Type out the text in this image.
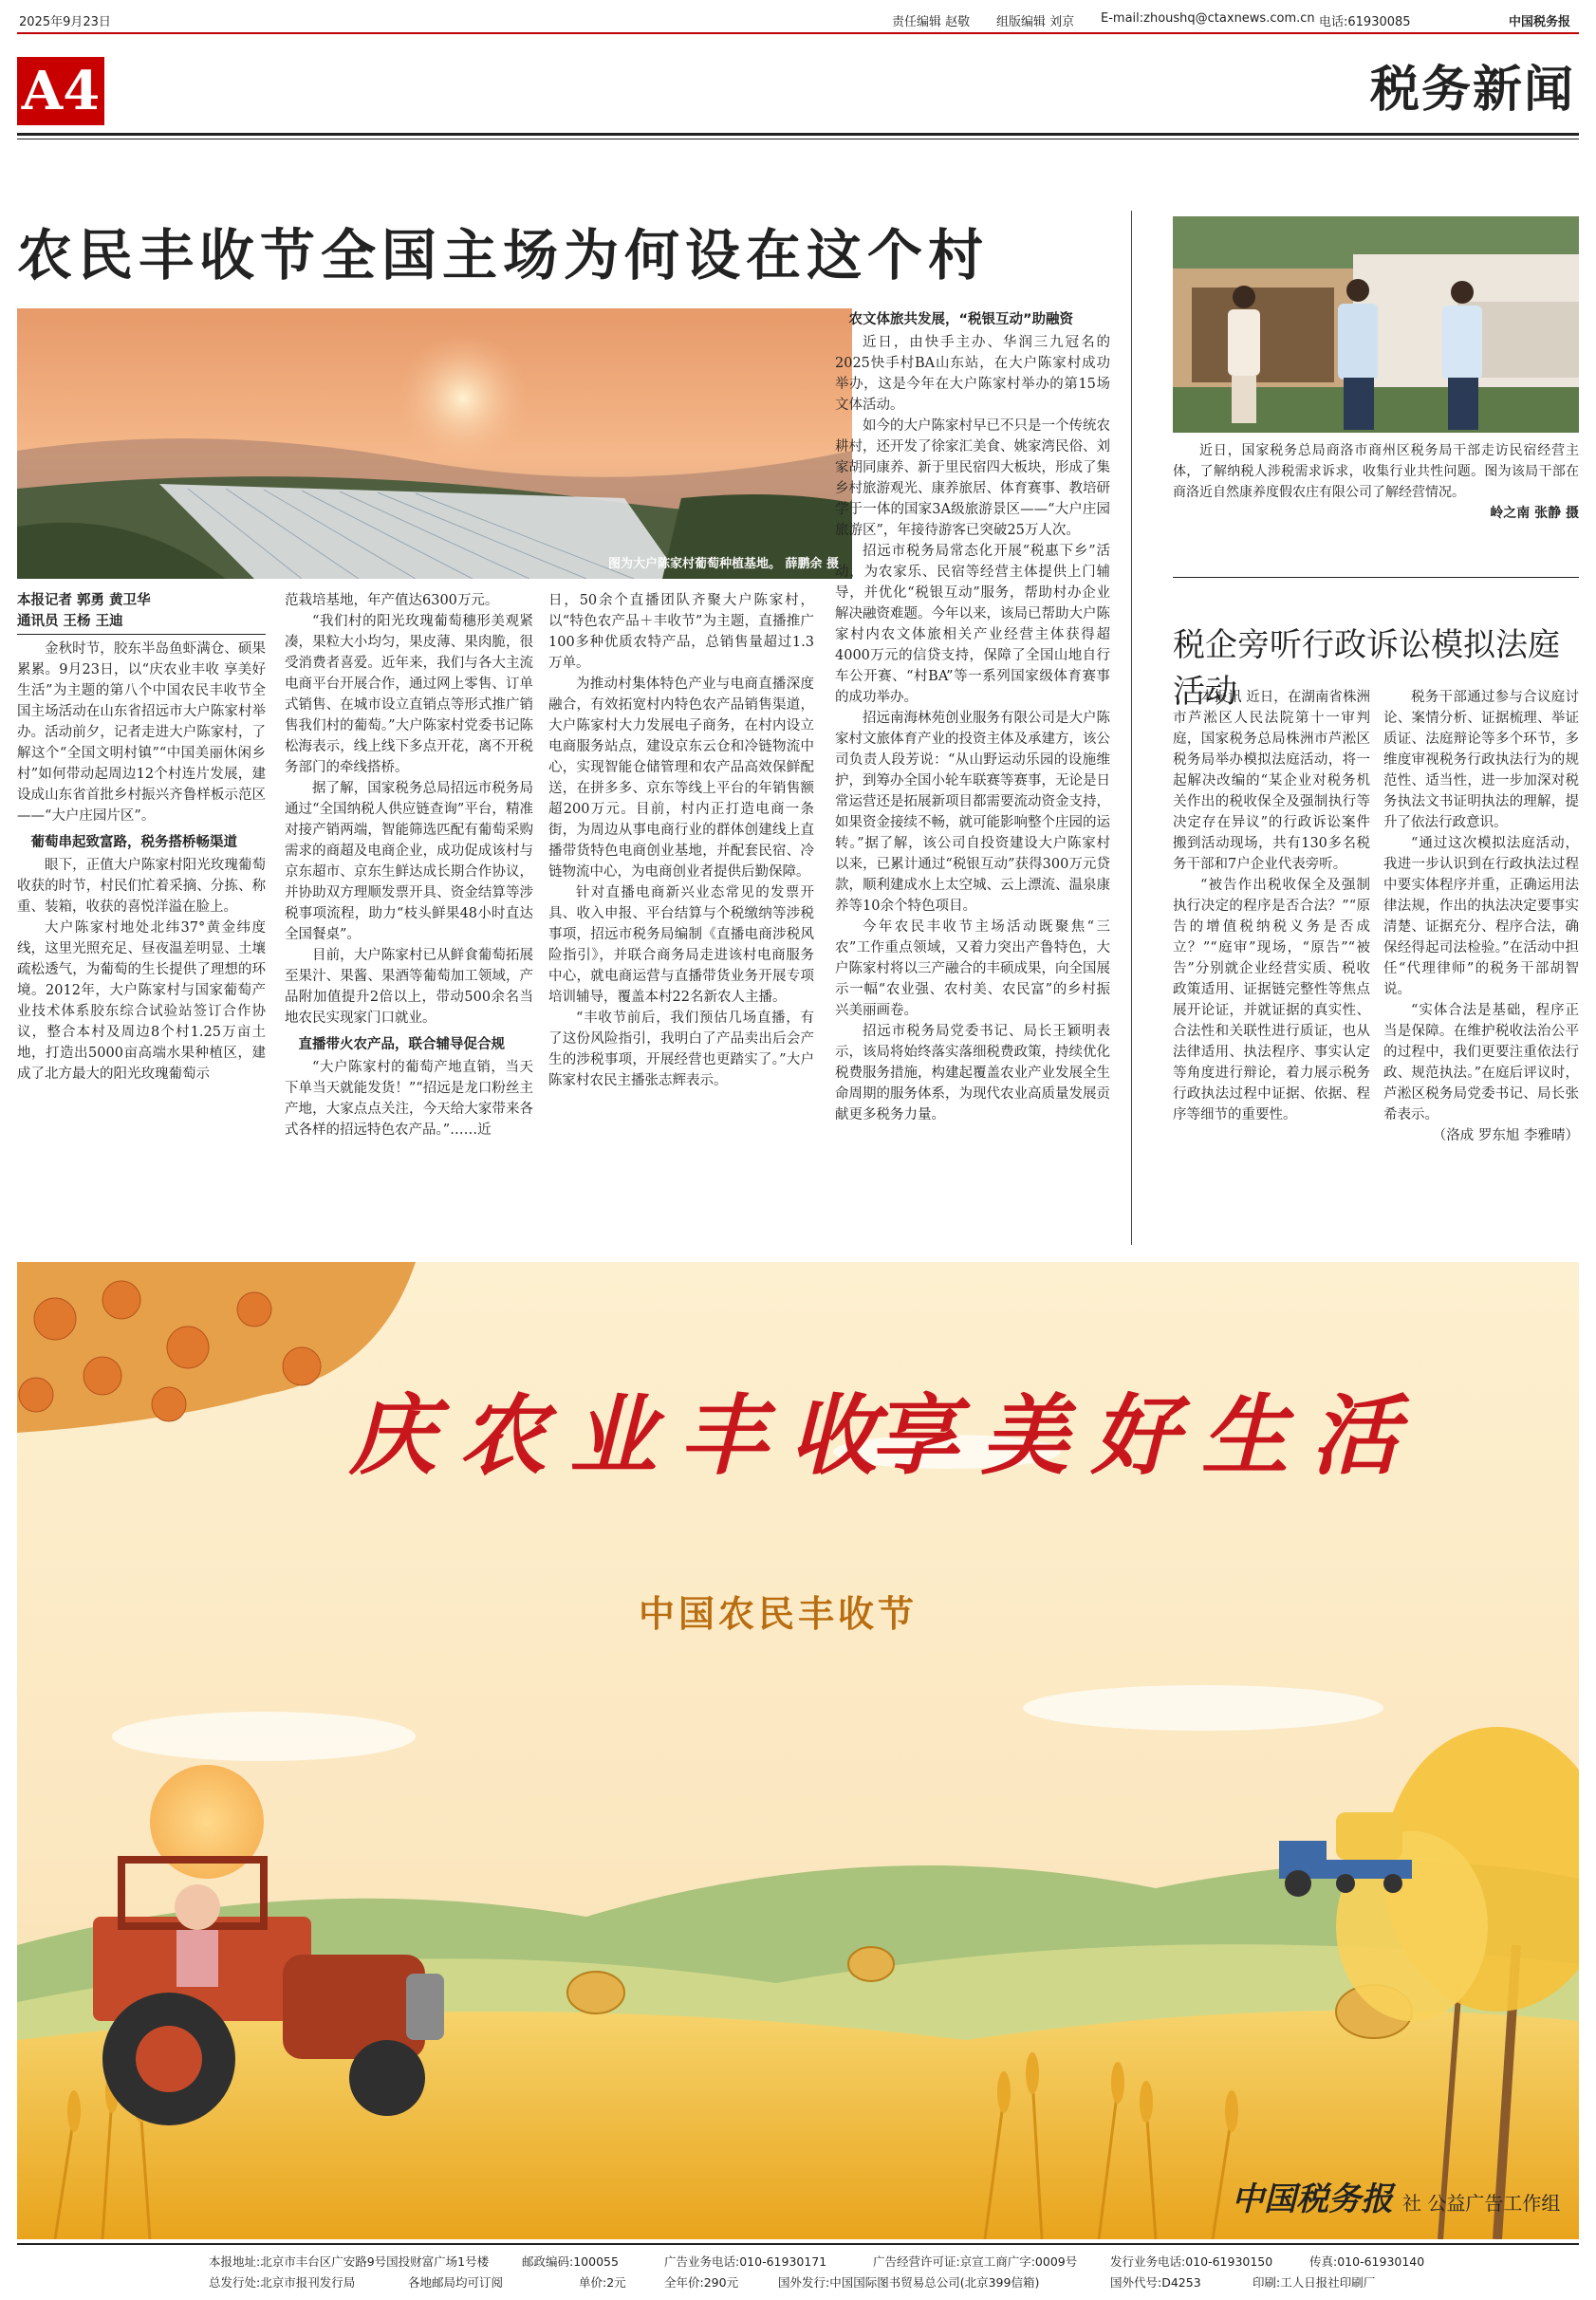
2025年9月23日	责任编辑 赵敬 组版编辑 刘京 E-mail:zhoushq@ctaxnews.com.cn 电话:61930085	中国税务报
A4	税务新闻
农民丰收节全国主场为何设在这个村
图为大户陈家村葡萄种植基地。 薛鹏余 摄
本报记者 郭勇 黄卫华
通讯员 王杨 王迪

金秋时节，胶东半岛鱼虾满仓、硕果累累。9月23日，以“庆农业丰收 享美好生活”为主题的第八个中国农民丰收节全国主场活动在山东省招远市大户陈家村举办。活动前夕，记者走进大户陈家村，了解这个“全国文明村镇”“中国美丽休闲乡村”如何带动起周边12个村连片发展，建设成山东省首批乡村振兴齐鲁样板示范区——“大户庄园片区”。

葡萄串起致富路，税务搭桥畅渠道

眼下，正值大户陈家村阳光玫瑰葡萄收获的时节，村民们忙着采摘、分拣、称重、装箱，收获的喜悦洋溢在脸上。

大户陈家村地处北纬37°黄金纬度线，这里光照充足、昼夜温差明显、土壤疏松透气，为葡萄的生长提供了理想的环境。2012年，大户陈家村与国家葡萄产业技术体系胶东综合试验站签订合作协议，整合本村及周边8个村1.25万亩土地，打造出5000亩高端水果种植区，建成了北方最大的阳光玫瑰葡萄示

范栽培基地，年产值达6300万元。

“我们村的阳光玫瑰葡萄穗形美观紧凑，果粒大小均匀，果皮薄、果肉脆，很受消费者喜爱。近年来，我们与各大主流电商平台开展合作，通过网上零售、订单式销售、在城市设立直销点等形式推广销售我们村的葡萄。”大户陈家村党委书记陈松海表示，线上线下多点开花，离不开税务部门的牵线搭桥。

据了解，国家税务总局招远市税务局通过“全国纳税人供应链查询”平台，精准对接产销两端，智能筛选匹配有葡萄采购需求的商超及电商企业，成功促成该村与京东超市、京东生鲜达成长期合作协议，并协助双方理顺发票开具、资金结算等涉税事项流程，助力“枝头鲜果48小时直达全国餐桌”。

目前，大户陈家村已从鲜食葡萄拓展至果汁、果酱、果酒等葡萄加工领域，产品附加值提升2倍以上，带动500余名当地农民实现家门口就业。

直播带火农产品，联合辅导促合规

“大户陈家村的葡萄产地直销，当天下单当天就能发货！”“招远是龙口粉丝主产地，大家点点关注，今天给大家带来各式各样的招远特色农产品。”……近

日，50余个直播团队齐聚大户陈家村，以“特色农产品＋丰收节”为主题，直播推广100多种优质农特产品，总销售量超过1.3万单。

为推动村集体特色产业与电商直播深度融合，有效拓宽村内特色农产品销售渠道，大户陈家村大力发展电子商务，在村内设立电商服务站点，建设京东云仓和冷链物流中心，实现智能仓储管理和农产品高效保鲜配送，在拼多多、京东等线上平台的年销售额超200万元。目前，村内正打造电商一条街，为周边从事电商行业的群体创建线上直播带货特色电商创业基地，并配套民宿、冷链物流中心，为电商创业者提供后勤保障。

针对直播电商新兴业态常见的发票开具、收入申报、平台结算与个税缴纳等涉税事项，招远市税务局编制《直播电商涉税风险指引》，并联合商务局走进该村电商服务中心，就电商运营与直播带货业务开展专项培训辅导，覆盖本村22名新农人主播。

“丰收节前后，我们预估几场直播，有了这份风险指引，我明白了产品卖出后会产生的涉税事项，开展经营也更踏实了。”大户陈家村农民主播张志辉表示。

农文体旅共发展，“税银互动”助融资

近日，由快手主办、华润三九冠名的2025快手村BA山东站，在大户陈家村成功举办，这是今年在大户陈家村举办的第15场文体活动。

如今的大户陈家村早已不只是一个传统农耕村，还开发了徐家汇美食、姚家湾民俗、刘家胡同康养、新于里民宿四大板块，形成了集乡村旅游观光、康养旅居、体育赛事、教培研学于一体的国家3A级旅游景区——“大户庄园旅游区”，年接待游客已突破25万人次。

招远市税务局常态化开展“税惠下乡”活动，为农家乐、民宿等经营主体提供上门辅导，并优化“税银互动”服务，帮助村办企业解决融资难题。今年以来，该局已帮助大户陈家村内农文体旅相关产业经营主体获得超4000万元的信贷支持，保障了全国山地自行车公开赛、“村BA”等一系列国家级体育赛事的成功举办。

招远南海林苑创业服务有限公司是大户陈家村文旅体育产业的投资主体及承建方，该公司负责人段芳说：“从山野运动乐园的设施维护，到筹办全国小轮车联赛等赛事，无论是日常运营还是拓展新项目都需要流动资金支持，如果资金接续不畅，就可能影响整个庄园的运转。”据了解，该公司自投资建设大户陈家村以来，已累计通过“税银互动”获得300万元贷款，顺利建成水上太空城、云上漂流、温泉康养等10余个特色项目。

今年农民丰收节主场活动既聚焦“三农”工作重点领域，又着力突出产鲁特色，大户陈家村将以三产融合的丰硕成果，向全国展示一幅“农业强、农村美、农民富”的乡村振兴美丽画卷。

招远市税务局党委书记、局长王颖明表示，该局将始终落实落细税费政策，持续优化税费服务措施，构建起覆盖农业产业发展全生命周期的服务体系，为现代农业高质量发展贡献更多税务力量。

近日，国家税务总局商洛市商州区税务局干部走访民宿经营主体，了解纳税人涉税需求诉求，收集行业共性问题。图为该局干部在商洛近自然康养度假农庄有限公司了解经营情况。
岭之南 张静 摄
税企旁听行政诉讼模拟法庭活动

本报讯 近日，在湖南省株洲市芦淞区人民法院第十一审判庭，国家税务总局株洲市芦淞区税务局举办模拟法庭活动，将一起解决改编的“某企业对税务机关作出的税收保全及强制执行等决定存在异议”的行政诉讼案件搬到活动现场，共有130多名税务干部和7户企业代表旁听。

“被告作出税收保全及强制执行决定的程序是否合法？”“原告的增值税纳税义务是否成立？”“庭审”现场，“原告”“被告”分别就企业经营实质、税收政策适用、证据链完整性等焦点展开论证，并就证据的真实性、合法性和关联性进行质证，也从法律适用、执法程序、事实认定等角度进行辩论，着力展示税务行政执法过程中证据、依据、程序等细节的重要性。

税务干部通过参与合议庭讨论、案情分析、证据梳理、举证质证、法庭辩论等多个环节，多维度审视税务行政执法行为的规范性、适当性，进一步加深对税务执法文书证明执法的理解，提升了依法行政意识。

“通过这次模拟法庭活动，我进一步认识到在行政执法过程中要实体程序并重，正确运用法律法规，作出的执法决定要事实清楚、证据充分、程序合法，确保经得起司法检验。”在活动中担任“代理律师”的税务干部胡智说。

“实体合法是基础，程序正当是保障。在维护税收法治公平的过程中，我们更要注重依法行政、规范执法。”在庭后评议时，芦淞区税务局党委书记、局长张希表示。

（洛成 罗东旭 李雅晴）
庆农业丰收
享美好生活
中国农民丰收节
中国税务报 社 公益广告工作组
本报地址:北京市丰台区广安路9号国投财富广场1号楼	邮政编码:100055	广告业务电话:010-61930171	广告经营许可证:京宣工商广字:0009号	发行业务电话:010-61930150	传真:010-61930140
总发行处:北京市报刊发行局	各地邮局均可订阅	单价:2元	全年价:290元	国外发行:中国国际图书贸易总公司(北京399信箱)	国外代号:D4253	印刷:工人日报社印刷厂
